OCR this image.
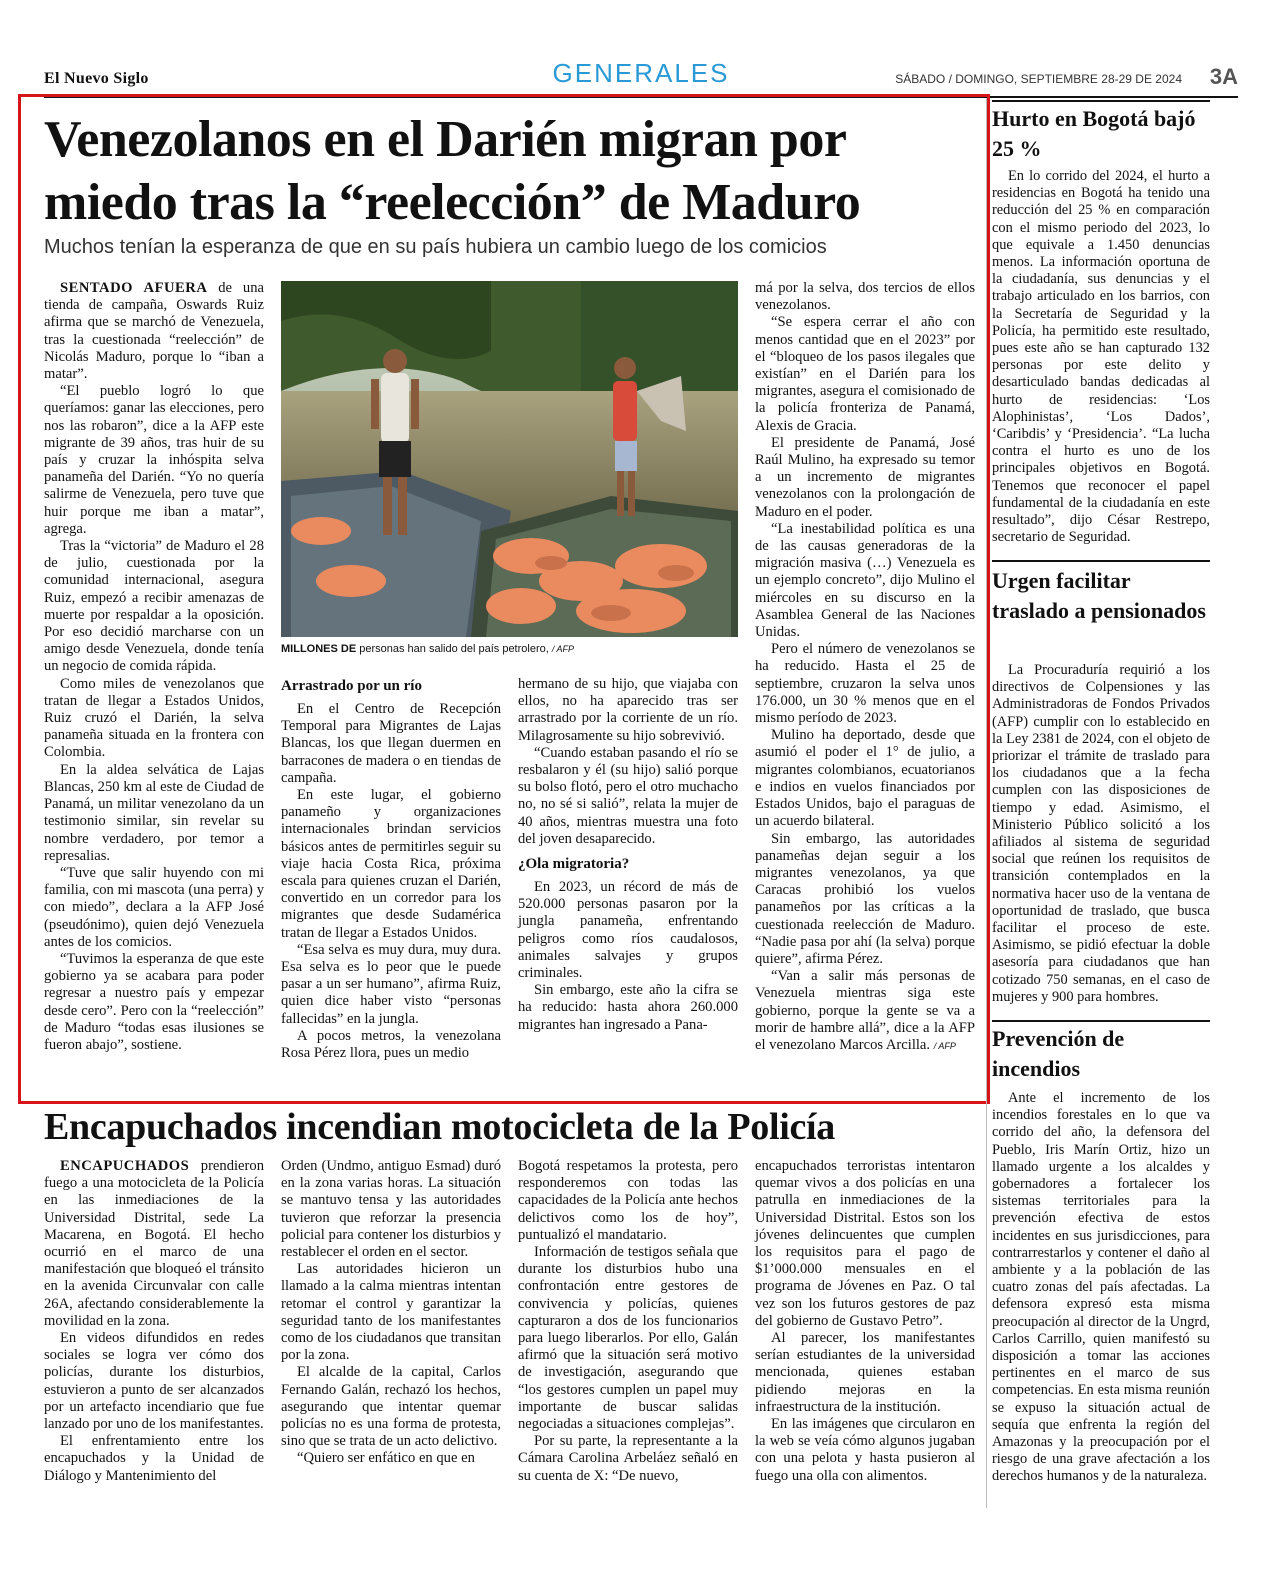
El Nuevo Siglo	GENERALES	SÁBADO / DOMINGO, SEPTIEMBRE 28-29 DE 2024 3A
Venezolanos en el Darién migran por miedo tras la “reelección” de Maduro
Muchos tenían la esperanza de que en su país hubiera un cambio luego de los comicios

SENTADO AFUERA de una tienda de campaña, Oswards Ruiz afirma que se marchó de Venezuela, tras la cuestionada “reelección” de Nicolás Maduro, porque lo “iban a matar”.

“El pueblo logró lo que queríamos: ganar las elecciones, pero nos las robaron”, dice a la AFP este migrante de 39 años, tras huir de su país y cruzar la inhóspita selva panameña del Darién. “Yo no quería salirme de Venezuela, pero tuve que huir porque me iban a matar”, agrega.

Tras la “victoria” de Maduro el 28 de julio, cuestionada por la comunidad internacional, asegura Ruiz, empezó a recibir amenazas de muerte por respaldar a la oposición. Por eso decidió marcharse con un amigo desde Venezuela, donde tenía un negocio de comida rápida.

Como miles de venezolanos que tratan de llegar a Estados Unidos, Ruiz cruzó el Darién, la selva panameña situada en la frontera con Colombia.

En la aldea selvática de Lajas Blancas, 250 km al este de Ciudad de Panamá, un militar venezolano da un testimonio similar, sin revelar su nombre verdadero, por temor a represalias.

“Tuve que salir huyendo con mi familia, con mi mascota (una perra) y con miedo”, declara a la AFP José (pseudónimo), quien dejó Venezuela antes de los comicios.

“Tuvimos la esperanza de que este gobierno ya se acabara para poder regresar a nuestro país y empezar desde cero”. Pero con la “reelección” de Maduro “todas esas ilusiones se fueron abajo”, sostiene.

MILLONES DE personas han salido del país petrolero, / AFP
Arrastrado por un río

En el Centro de Recepción Temporal para Migrantes de Lajas Blancas, los que llegan duermen en barracones de madera o en tiendas de campaña.

En este lugar, el gobierno panameño y organizaciones internacionales brindan servicios básicos antes de permitirles seguir su viaje hacia Costa Rica, próxima escala para quienes cruzan el Darién, convertido en un corredor para los migrantes que desde Sudamérica tratan de llegar a Estados Unidos.

“Esa selva es muy dura, muy dura. Esa selva es lo peor que le puede pasar a un ser humano”, afirma Ruiz, quien dice haber visto “personas fallecidas” en la jungla.

A pocos metros, la venezolana Rosa Pérez llora, pues un medio

hermano de su hijo, que viajaba con ellos, no ha aparecido tras ser arrastrado por la corriente de un río. Milagrosamente su hijo sobrevivió.

“Cuando estaban pasando el río se resbalaron y él (su hijo) salió porque su bolso flotó, pero el otro muchacho no, no sé si salió”, relata la mujer de 40 años, mientras muestra una foto del joven desaparecido.

¿Ola migratoria?

En 2023, un récord de más de 520.000 personas pasaron por la jungla panameña, enfrentando peligros como ríos caudalosos, animales salvajes y grupos criminales.

Sin embargo, este año la cifra se ha reducido: hasta ahora 260.000 migrantes han ingresado a Pana-

má por la selva, dos tercios de ellos venezolanos.

“Se espera cerrar el año con menos cantidad que en el 2023” por el “bloqueo de los pasos ilegales que existían” en el Darién para los migrantes, asegura el comisionado de la policía fronteriza de Panamá, Alexis de Gracia.

El presidente de Panamá, José Raúl Mulino, ha expresado su temor a un incremento de migrantes venezolanos con la prolongación de Maduro en el poder.

“La inestabilidad política es una de las causas generadoras de la migración masiva (…) Venezuela es un ejemplo concreto”, dijo Mulino el miércoles en su discurso en la Asamblea General de las Naciones Unidas.

Pero el número de venezolanos se ha reducido. Hasta el 25 de septiembre, cruzaron la selva unos 176.000, un 30 % menos que en el mismo período de 2023.

Mulino ha deportado, desde que asumió el poder el 1° de julio, a migrantes colombianos, ecuatorianos e indios en vuelos financiados por Estados Unidos, bajo el paraguas de un acuerdo bilateral.

Sin embargo, las autoridades panameñas dejan seguir a los migrantes venezolanos, ya que Caracas prohibió los vuelos panameños por las críticas a la cuestionada reelección de Maduro. “Nadie pasa por ahí (la selva) porque quiere”, afirma Pérez.

“Van a salir más personas de Venezuela mientras siga este gobierno, porque la gente se va a morir de hambre allá”, dice a la AFP el venezolano Marcos Arcilla. / AFP

Encapuchados incendian motocicleta de la Policía

ENCAPUCHADOS prendieron fuego a una motocicleta de la Policía en las inmediaciones de la Universidad Distrital, sede La Macarena, en Bogotá. El hecho ocurrió en el marco de una manifestación que bloqueó el tránsito en la avenida Circunvalar con calle 26A, afectando considerablemente la movilidad en la zona.

En videos difundidos en redes sociales se logra ver cómo dos policías, durante los disturbios, estuvieron a punto de ser alcanzados por un artefacto incendiario que fue lanzado por uno de los manifestantes.

El enfrentamiento entre los encapuchados y la Unidad de Diálogo y Mantenimiento del

Orden (Undmo, antiguo Esmad) duró en la zona varias horas. La situación se mantuvo tensa y las autoridades tuvieron que reforzar la presencia policial para contener los disturbios y restablecer el orden en el sector.

Las autoridades hicieron un llamado a la calma mientras intentan retomar el control y garantizar la seguridad tanto de los manifestantes como de los ciudadanos que transitan por la zona.

El alcalde de la capital, Carlos Fernando Galán, rechazó los hechos, asegurando que intentar quemar policías no es una forma de protesta, sino que se trata de un acto delictivo.

“Quiero ser enfático en que en

Bogotá respetamos la protesta, pero responderemos con todas las capacidades de la Policía ante hechos delictivos como los de hoy”, puntualizó el mandatario.

Información de testigos señala que durante los disturbios hubo una confrontación entre gestores de convivencia y policías, quienes capturaron a dos de los funcionarios para luego liberarlos. Por ello, Galán afirmó que la situación será motivo de investigación, asegurando que “los gestores cumplen un papel muy importante de buscar salidas negociadas a situaciones complejas”.

Por su parte, la representante a la Cámara Carolina Arbeláez señaló en su cuenta de X: “De nuevo,

encapuchados terroristas intentaron quemar vivos a dos policías en una patrulla en inmediaciones de la Universidad Distrital. Estos son los jóvenes delincuentes que cumplen los requisitos para el pago de $1’000.000 mensuales en el programa de Jóvenes en Paz. O tal vez son los futuros gestores de paz del gobierno de Gustavo Petro”.

Al parecer, los manifestantes serían estudiantes de la universidad mencionada, quienes estaban pidiendo mejoras en la infraestructura de la institución.

En las imágenes que circularon en la web se veía cómo algunos jugaban con una pelota y hasta pusieron al fuego una olla con alimentos.

Hurto en Bogotá bajó 25 %

En lo corrido del 2024, el hurto a residencias en Bogotá ha tenido una reducción del 25 % en comparación con el mismo periodo del 2023, lo que equivale a 1.450 denuncias menos. La información oportuna de la ciudadanía, sus denuncias y el trabajo articulado en los barrios, con la Secretaría de Seguridad y la Policía, ha permitido este resultado, pues este año se han capturado 132 personas por este delito y desarticulado bandas dedicadas al hurto de residencias: ‘Los Alophinistas’, ‘Los Dados’, ‘Caribdis’ y ‘Presidencia’. “La lucha contra el hurto es uno de los principales objetivos en Bogotá. Tenemos que reconocer el papel fundamental de la ciudadanía en este resultado”, dijo César Restrepo, secretario de Seguridad.

Urgen facilitar traslado a pensionados

La Procuraduría requirió a los directivos de Colpensiones y las Administradoras de Fondos Privados (AFP) cumplir con lo establecido en la Ley 2381 de 2024, con el objeto de priorizar el trámite de traslado para los ciudadanos que a la fecha cumplen con las disposiciones de tiempo y edad. Asimismo, el Ministerio Público solicitó a los afiliados al sistema de seguridad social que reúnen los requisitos de transición contemplados en la normativa hacer uso de la ventana de oportunidad de traslado, que busca facilitar el proceso de este. Asimismo, se pidió efectuar la doble asesoría para ciudadanos que han cotizado 750 semanas, en el caso de mujeres y 900 para hombres.

Prevención de incendios

Ante el incremento de los incendios forestales en lo que va corrido del año, la defensora del Pueblo, Iris Marín Ortiz, hizo un llamado urgente a los alcaldes y gobernadores a fortalecer los sistemas territoriales para la prevención efectiva de estos incidentes en sus jurisdicciones, para contrarrestarlos y contener el daño al ambiente y a la población de las cuatro zonas del país afectadas. La defensora expresó esta misma preocupación al director de la Ungrd, Carlos Carrillo, quien manifestó su disposición a tomar las acciones pertinentes en el marco de sus competencias. En esta misma reunión se expuso la situación actual de sequía que enfrenta la región del Amazonas y la preocupación por el riesgo de una grave afectación a los derechos humanos y de la naturaleza.
